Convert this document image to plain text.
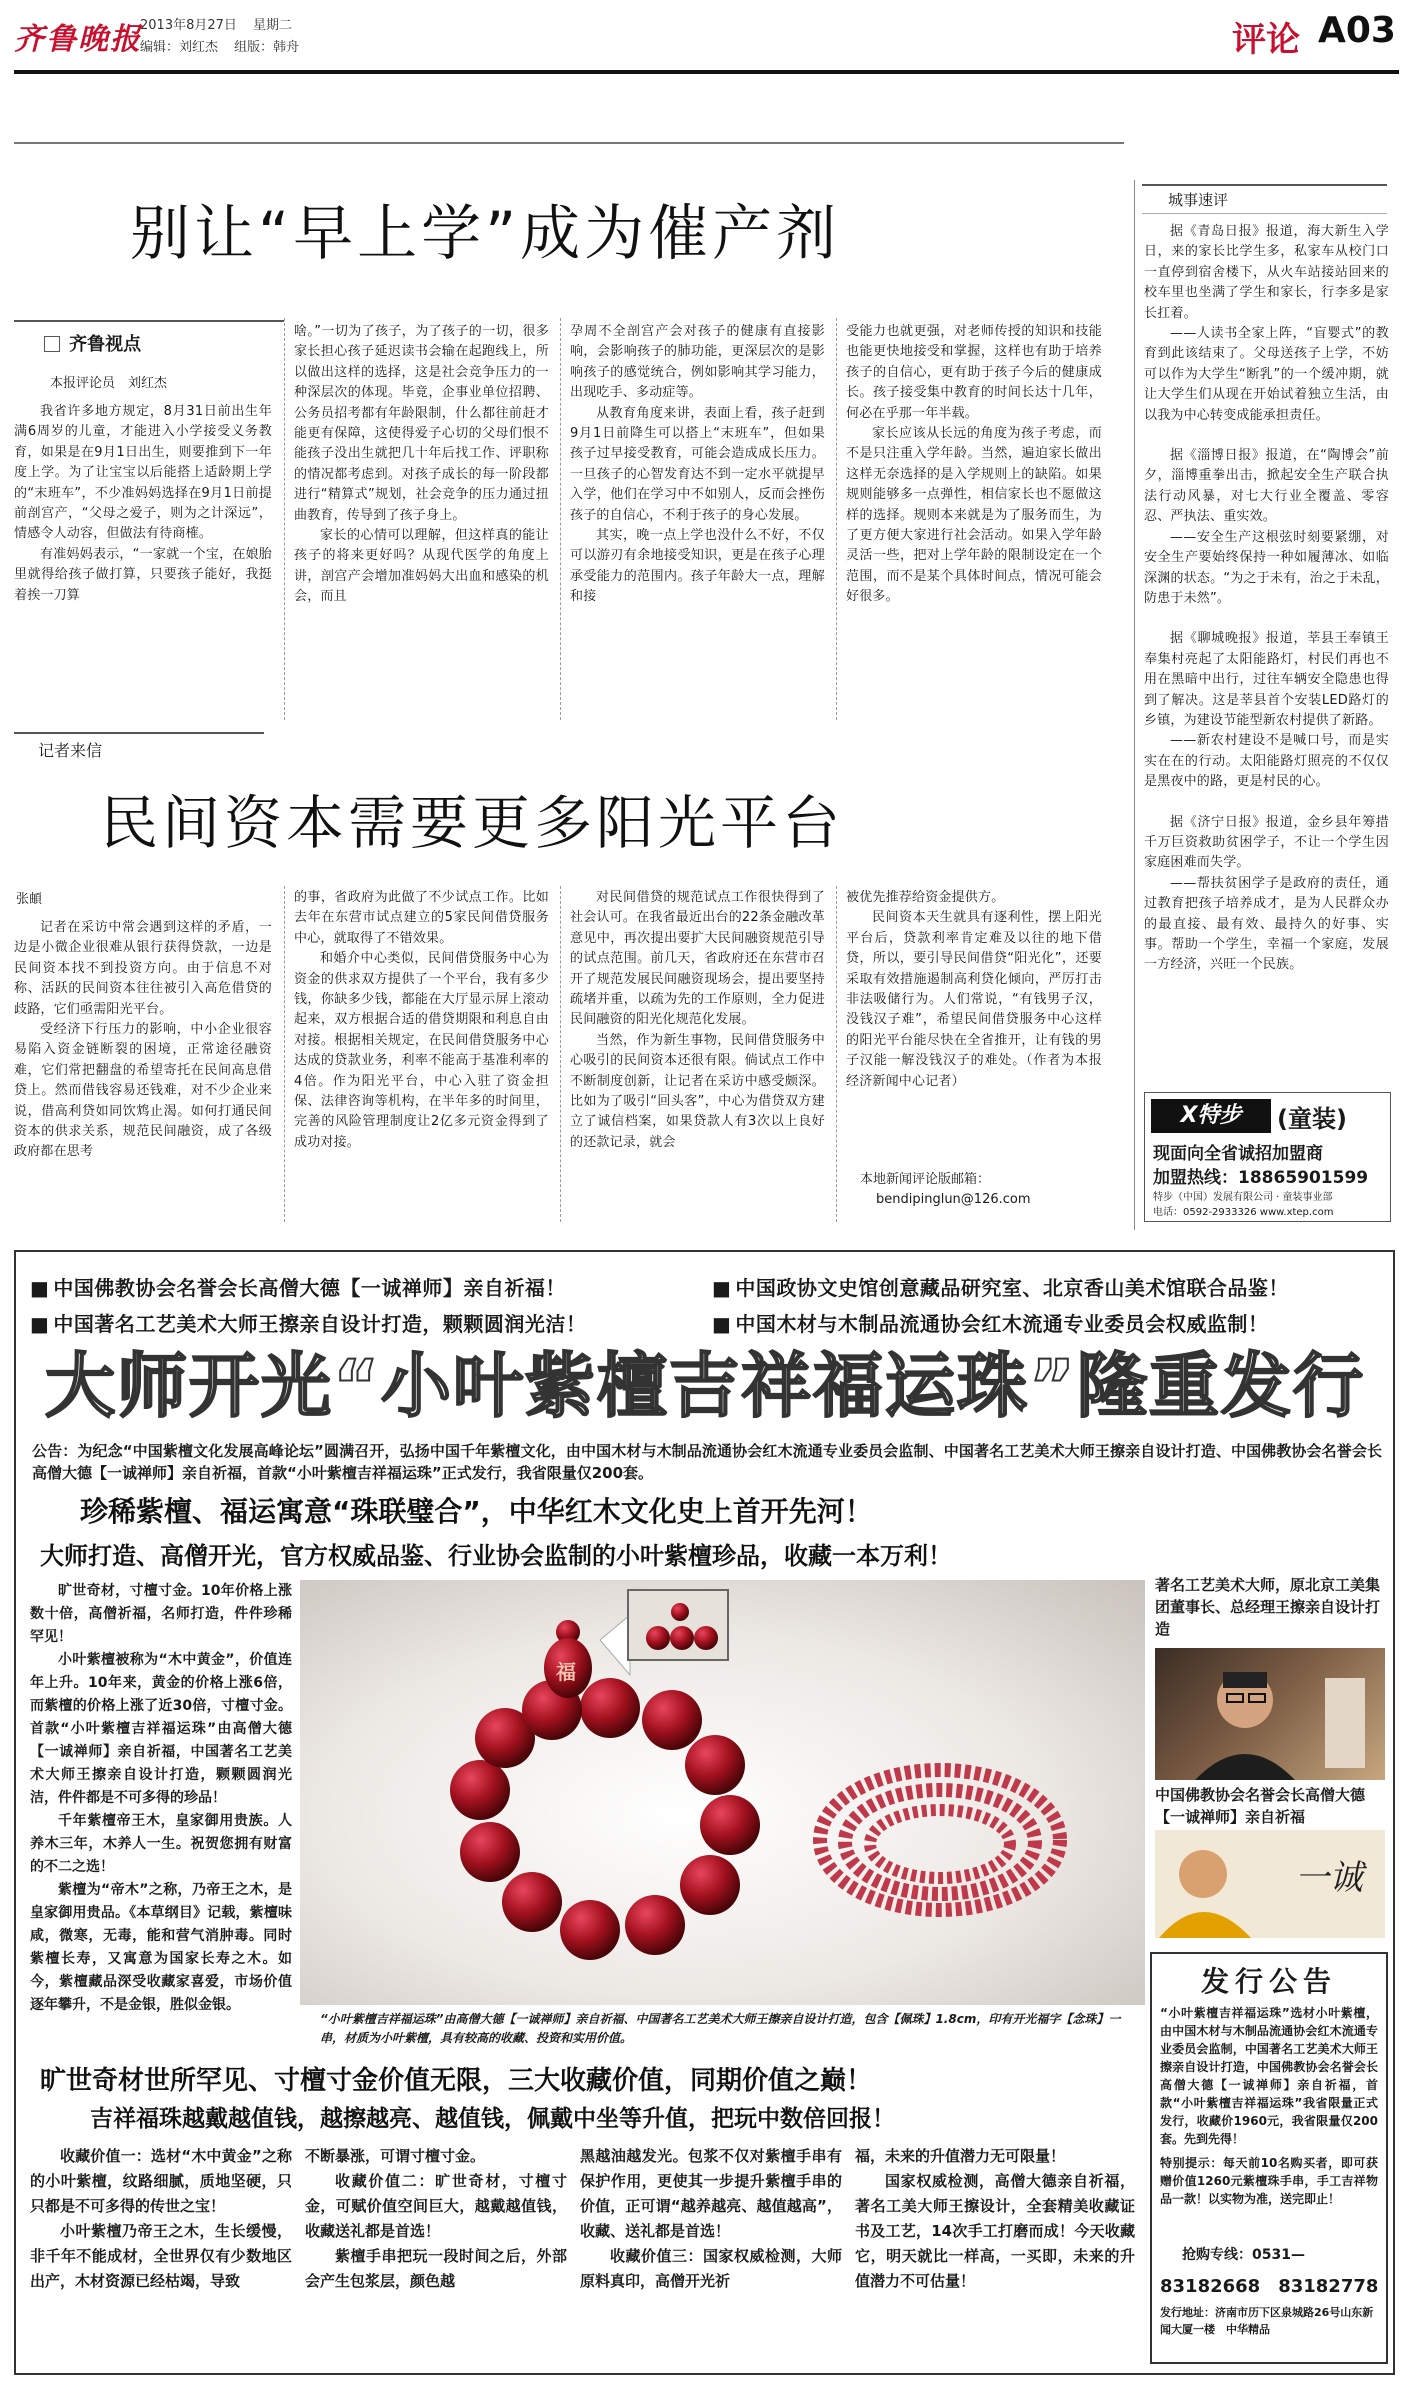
齐鲁晚报
2013年8月27日 星期二
编辑：刘红杰 组版：韩舟	评论 A03
别让“早上学”成为催产剂
齐鲁视点
本报评论员　刘红杰

我省许多地方规定，8月31日前出生年满6周岁的儿童，才能进入小学接受义务教育，如果是在9月1日出生，则要推到下一年度上学。为了让宝宝以后能搭上适龄期上学的“末班车”，不少准妈妈选择在9月1日前提前剖宫产，“父母之爱子，则为之计深远”，情感令人动容，但做法有待商榷。

有准妈妈表示，“一家就一个宝，在娘胎里就得给孩子做打算，只要孩子能好，我挺着挨一刀算

啥。”一切为了孩子，为了孩子的一切，很多家长担心孩子延迟读书会输在起跑线上，所以做出这样的选择，这是社会竞争压力的一种深层次的体现。毕竟，企事业单位招聘、公务员招考都有年龄限制，什么都往前赶才能更有保障，这使得爱子心切的父母们恨不能孩子没出生就把几十年后找工作、评职称的情况都考虑到。对孩子成长的每一阶段都进行“精算式”规划，社会竞争的压力通过扭曲教育，传导到了孩子身上。

家长的心情可以理解，但这样真的能让孩子的将来更好吗？从现代医学的角度上讲，剖宫产会增加准妈妈大出血和感染的机会，而且

孕周不全剖宫产会对孩子的健康有直接影响，会影响孩子的肺功能，更深层次的是影响孩子的感觉统合，例如影响其学习能力，出现吃手、多动症等。

从教育角度来讲，表面上看，孩子赶到9月1日前降生可以搭上“末班车”，但如果孩子过早接受教育，可能会造成成长压力。一旦孩子的心智发育达不到一定水平就提早入学，他们在学习中不如别人，反而会挫伤孩子的自信心，不利于孩子的身心发展。

其实，晚一点上学也没什么不好，不仅可以游刃有余地接受知识，更是在孩子心理承受能力的范围内。孩子年龄大一点，理解和接

受能力也就更强，对老师传授的知识和技能也能更快地接受和掌握，这样也有助于培养孩子的自信心，更有助于孩子今后的健康成长。孩子接受集中教育的时间长达十几年，何必在乎那一年半载。

家长应该从长远的角度为孩子考虑，而不是只注重入学年龄。当然，遍迫家长做出这样无奈选择的是入学规则上的缺陷。如果规则能够多一点弹性，相信家长也不愿做这样的选择。规则本来就是为了服务而生，为了更方便大家进行社会活动。如果入学年龄灵活一些，把对上学年龄的限制设定在一个范围，而不是某个具体时间点，情况可能会好很多。

记者来信
民间资本需要更多阳光平台
张頔

记者在采访中常会遇到这样的矛盾，一边是小微企业很难从银行获得贷款，一边是民间资本找不到投资方向。由于信息不对称、活跃的民间资本往往被引入高危借贷的歧路，它们亟需阳光平台。

受经济下行压力的影响，中小企业很容易陷入资金链断裂的困境，正常途径融资难，它们常把翻盘的希望寄托在民间高息借贷上。然而借钱容易还钱难，对不少企业来说，借高利贷如同饮鸩止渴。如何打通民间资本的供求关系，规范民间融资，成了各级政府都在思考

的事，省政府为此做了不少试点工作。比如去年在东营市试点建立的5家民间借贷服务中心，就取得了不错效果。

和婚介中心类似，民间借贷服务中心为资金的供求双方提供了一个平台，我有多少钱，你缺多少钱，都能在大厅显示屏上滚动起来，双方根据合适的借贷期限和利息自由对接。根据相关规定，在民间借贷服务中心达成的贷款业务，利率不能高于基准利率的4倍。作为阳光平台，中心入驻了资金担保、法律咨询等机构，在半年多的时间里，完善的风险管理制度让2亿多元资金得到了成功对接。

对民间借贷的规范试点工作很快得到了社会认可。在我省最近出台的22条金融改革意见中，再次提出要扩大民间融资规范引导的试点范围。前几天，省政府还在东营市召开了规范发展民间融资现场会，提出要坚持疏堵并重，以疏为先的工作原则，全力促进民间融资的阳光化规范化发展。

当然，作为新生事物，民间借贷服务中心吸引的民间资本还很有限。倘试点工作中不断制度创新，让记者在采访中感受颇深。比如为了吸引“回头客”，中心为借贷双方建立了诚信档案，如果贷款人有3次以上良好的还款记录，就会

被优先推荐给资金提供方。

民间资本天生就具有逐利性，摆上阳光平台后，贷款利率肯定难及以往的地下借贷，所以，要引导民间借贷“阳光化”，还要采取有效措施遏制高利贷化倾向，严厉打击非法吸储行为。人们常说，“有钱男子汉，没钱汉子难”，希望民间借贷服务中心这样的阳光平台能尽快在全省推开，让有钱的男子汉能一解没钱汉子的难处。（作者为本报经济新闻中心记者）

本地新闻评论版邮箱：
bendipinglun@126.com
城事速评

据《青岛日报》报道，海大新生入学日，来的家长比学生多，私家车从校门口一直停到宿舍楼下，从火车站接站回来的校车里也坐满了学生和家长，行李多是家长扛着。

——人读书全家上阵，“盲婴式”的教育到此该结束了。父母送孩子上学，不妨可以作为大学生“断乳”的一个缓冲期，就让大学生们从现在开始试着独立生活，由以我为中心转变成能承担责任。

据《淄博日报》报道，在“陶博会”前夕，淄博重拳出击，掀起安全生产联合执法行动风暴，对七大行业全覆盖、零容忍、严执法、重实效。

——安全生产这根弦时刻要紧绷，对安全生产要始终保持一种如履薄冰、如临深渊的状态。“为之于未有，治之于未乱，防患于未然”。

据《聊城晚报》报道，莘县王奉镇王奉集村亮起了太阳能路灯，村民们再也不用在黑暗中出行，过往车辆安全隐患也得到了解决。这是莘县首个安装LED路灯的乡镇，为建设节能型新农村提供了新路。

——新农村建设不是喊口号，而是实实在在的行动。太阳能路灯照亮的不仅仅是黑夜中的路，更是村民的心。

据《济宁日报》报道，金乡县年筹措千万巨资救助贫困学子，不让一个学生因家庭困难而失学。

——帮扶贫困学子是政府的责任，通过教育把孩子培养成才，是为人民群众办的最直接、最有效、最持久的好事、实事。帮助一个学生，幸福一个家庭，发展一方经济，兴旺一个民族。

X特步	(童装)
现面向全省诚招加盟商
加盟热线：18865901599
特步（中国）发展有限公司 · 童装事业部
电话：0592-2933326 www.xtep.com
■ 中国佛教协会名誉会长高僧大德【一诚禅师】亲自祈福！	■ 中国政协文史馆创意藏品研究室、北京香山美术馆联合品鉴！
■ 中国著名工艺美术大师王擦亲自设计打造，颗颗圆润光洁！	■ 中国木材与木制品流通协会红木流通专业委员会权威监制！
大师开光“小叶紫檀吉祥福运珠”隆重发行
公告：为纪念“中国紫檀文化发展高峰论坛”圆满召开，弘扬中国千年紫檀文化，由中国木材与木制品流通协会红木流通专业委员会监制、中国著名工艺美术大师王擦亲自设计打造、中国佛教协会名誉会长高僧大德【一诚禅师】亲自祈福，首款“小叶紫檀吉祥福运珠”正式发行，我省限量仅200套。
珍稀紫檀、福运寓意“珠联璧合”，中华红木文化史上首开先河！
大师打造、高僧开光，官方权威品鉴、行业协会监制的小叶紫檀珍品，收藏一本万利！

旷世奇材，寸檀寸金。10年价格上涨数十倍，高僧祈福，名师打造，件件珍稀罕见！

小叶紫檀被称为“木中黄金”，价值连年上升。10年来，黄金的价格上涨6倍，而紫檀的价格上涨了近30倍，寸檀寸金。首款“小叶紫檀吉祥福运珠”由高僧大德【一诚禅师】亲自祈福，中国著名工艺美术大师王擦亲自设计打造，颗颗圆润光洁，件件都是不可多得的珍品！

千年紫檀帝王木，皇家御用贵族。人养木三年，木养人一生。祝贺您拥有财富的不二之选！

紫檀为“帝木”之称，乃帝王之木，是皇家御用贵品。《本草纲目》记载，紫檀味咸，微寒，无毒，能和营气消肿毒。同时紫檀长寿，又寓意为国家长寿之木。如今，紫檀藏品深受收藏家喜爱，市场价值逐年攀升，不是金银，胜似金银。

福
“小叶紫檀吉祥福运珠”由高僧大德【一诚禅师】亲自祈福、中国著名工艺美术大师王擦亲自设计打造，包含【佩珠】1.8cm，印有开光福字【念珠】一串，材质为小叶紫檀，具有较高的收藏、投资和实用价值。
著名工艺美术大师，原北京工美集团董事长、总经理王擦亲自设计打造
中国佛教协会名誉会长高僧大德【一诚禅师】亲自祈福
一诚
发行公告
“小叶紫檀吉祥福运珠”选材小叶紫檀，由中国木材与木制品流通协会红木流通专业委员会监制，中国著名工艺美术大师王擦亲自设计打造，中国佛教协会名誉会长高僧大德【一诚禅师】亲自祈福，首款“小叶紫檀吉祥福运珠”我省限量正式发行，收藏价1960元，我省限量仅200套。先到先得！
特别提示：每天前10名购买者，即可获赠价值1260元紫檀珠手串，手工吉祥物品一款！以实物为准，送完即止！
抢购专线：0531—
83182668　83182778
发行地址：济南市历下区泉城路26号山东新闻大厦一楼　中华精品
旷世奇材世所罕见、寸檀寸金价值无限，三大收藏价值，同期价值之巅！
吉祥福珠越戴越值钱，越擦越亮、越值钱，佩戴中坐等升值，把玩中数倍回报！

收藏价值一：选材“木中黄金”之称的小叶紫檀，纹路细腻，质地坚硬，只只都是不可多得的传世之宝！

小叶紫檀乃帝王之木，生长缓慢，非千年不能成材，全世界仅有少数地区出产，木材资源已经枯竭，导致

不断暴涨，可谓寸檀寸金。

收藏价值二：旷世奇材，寸檀寸金，可赋价值空间巨大，越戴越值钱，收藏送礼都是首选！

紫檀手串把玩一段时间之后，外部会产生包浆层，颜色越

黑越油越发光。包浆不仅对紫檀手串有保护作用，更使其一步提升紫檀手串的价值，正可谓“越养越亮、越值越高”，收藏、送礼都是首选！

收藏价值三：国家权威检测，大师原料真印，高僧开光祈

福，未来的升值潜力无可限量！

国家权威检测，高僧大德亲自祈福，著名工美大师王擦设计，全套精美收藏证书及工艺，14次手工打磨而成！今天收藏它，明天就比一样高，一买即，未来的升值潜力不可估量！
